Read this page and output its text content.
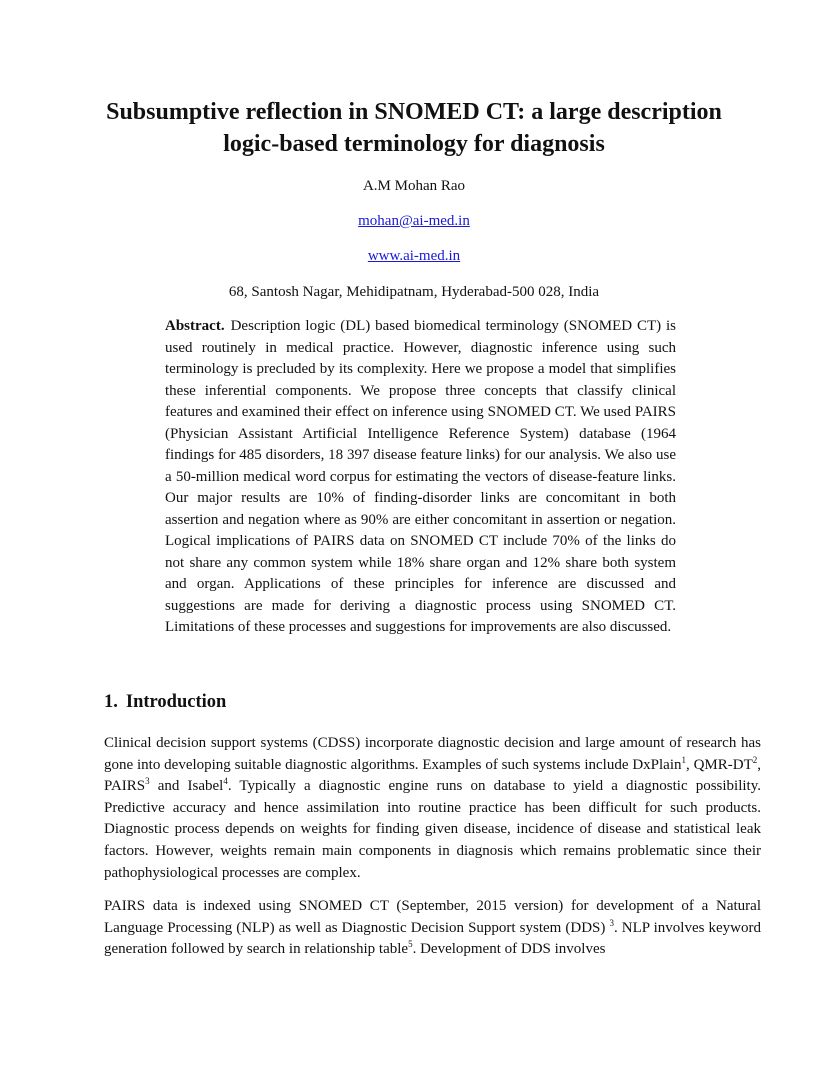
Subsumptive reflection in SNOMED CT: a large description
logic-based terminology for diagnosis
A.M Mohan Rao
mohan@ai-med.in
www.ai-med.in
68, Santosh Nagar, Mehidipatnam, Hyderabad-500 028, India

Abstract. Description logic (DL) based biomedical terminology (SNOMED CT) is used routinely in medical practice. However, diagnostic inference using such terminology is precluded by its complexity. Here we propose a model that simplifies these inferential components. We propose three concepts that classify clinical features and examined their effect on inference using SNOMED CT. We used PAIRS (Physician Assistant Artificial Intelligence Reference System) database (1964 findings for 485 disorders, 18 397 disease feature links) for our analysis. We also use a 50-million medical word corpus for estimating the vectors of disease-feature links. Our major results are 10% of finding-disorder links are concomitant in both assertion and negation where as 90% are either concomitant in assertion or negation. Logical implications of PAIRS data on SNOMED CT include 70% of the links do not share any common system while 18% share organ and 12% share both system and organ. Applications of these principles for inference are discussed and suggestions are made for deriving a diagnostic process using SNOMED CT. Limitations of these processes and suggestions for improvements are also discussed.

1. Introduction

Clinical decision support systems (CDSS) incorporate diagnostic decision and large amount of research has gone into developing suitable diagnostic algorithms. Examples of such systems include DxPlain$^1$, QMR-$DT^2$, PAIRS$^3$ and Isabel$^4$. Typically a diagnostic engine runs on database to yield a diagnostic possibility. Predictive accuracy and hence assimilation into routine practice has been difficult for such products. Diagnostic process depends on weights for finding given disease, incidence of disease and statistical leak factors. However, weights remain main components in diagnosis which remains problematic since their pathophysiological processes are complex.

PAIRS data is indexed using SNOMED CT (September, 2015 version) for development of a Natural Language Processing (NLP) as well as Diagnostic Decision Support system (DDS) $^3$. NLP involves keyword generation followed by search in relationship table$^5$. Development of DDS involves
